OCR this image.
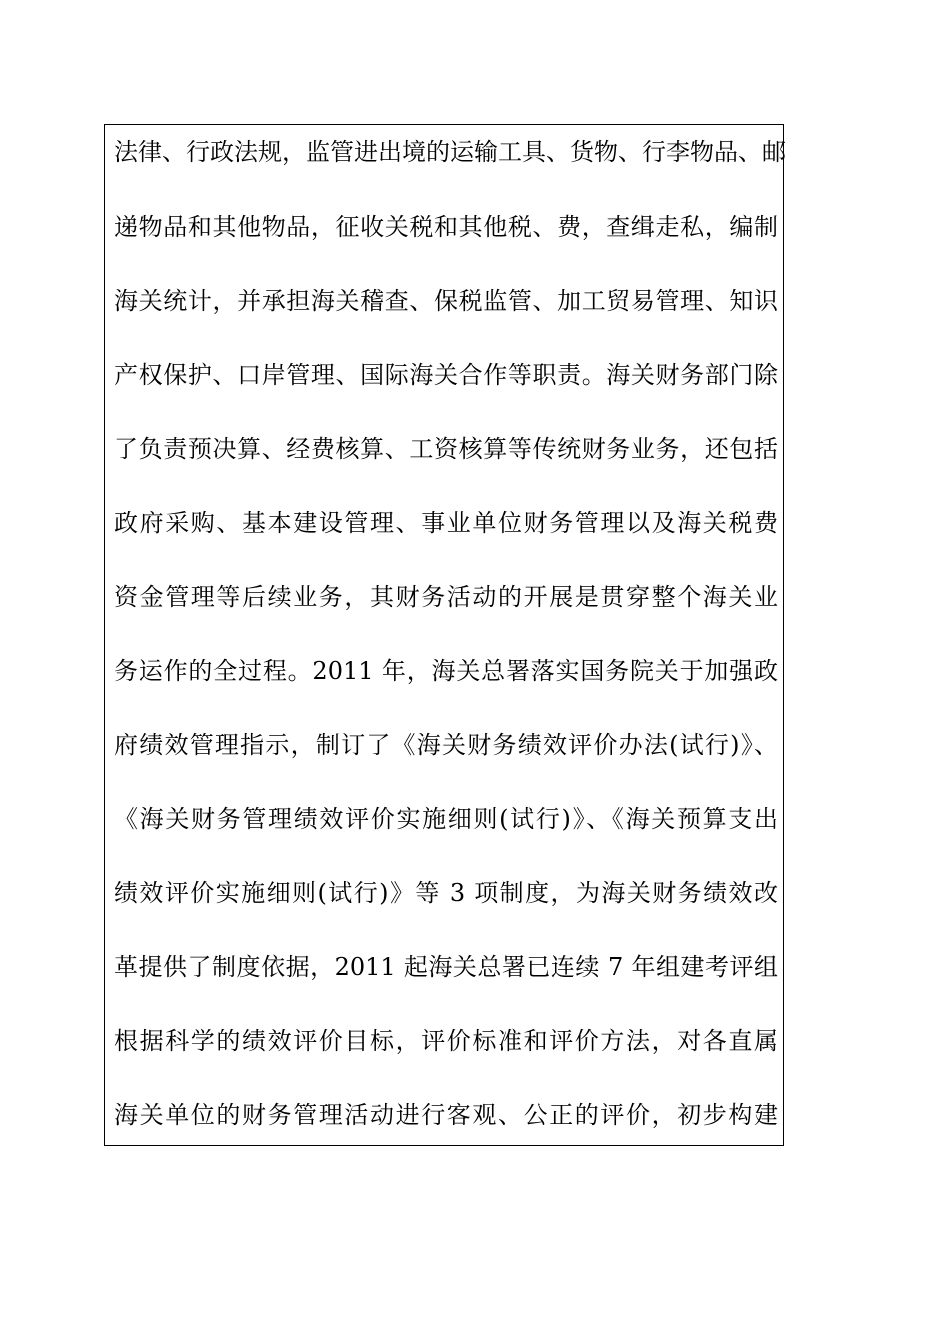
法律、行政法规，监管进出境的运输工具、货物、行李物品、邮
递物品和其他物品，征收关税和其他税、费，查缉走私，编制
海关统计，并承担海关稽查、保税监管、加工贸易管理、知识
产权保护、口岸管理、国际海关合作等职责。海关财务部门除
了负责预决算、经费核算、工资核算等传统财务业务，还包括
政府采购、基本建设管理、事业单位财务管理以及海关税费
资金管理等后续业务，其财务活动的开展是贯穿整个海关业
务运作的全过程。2011 年，海关总署落实国务院关于加强政
府绩效管理指示，制订了《海关财务绩效评价办法(试行)》、
《海关财务管理绩效评价实施细则(试行)》、《海关预算支出
绩效评价实施细则(试行)》等 3 项制度，为海关财务绩效改
革提供了制度依据，2011 起海关总署已连续 7 年组建考评组
根据科学的绩效评价目标，评价标准和评价方法，对各直属
海关单位的财务管理活动进行客观、公正的评价，初步构建
